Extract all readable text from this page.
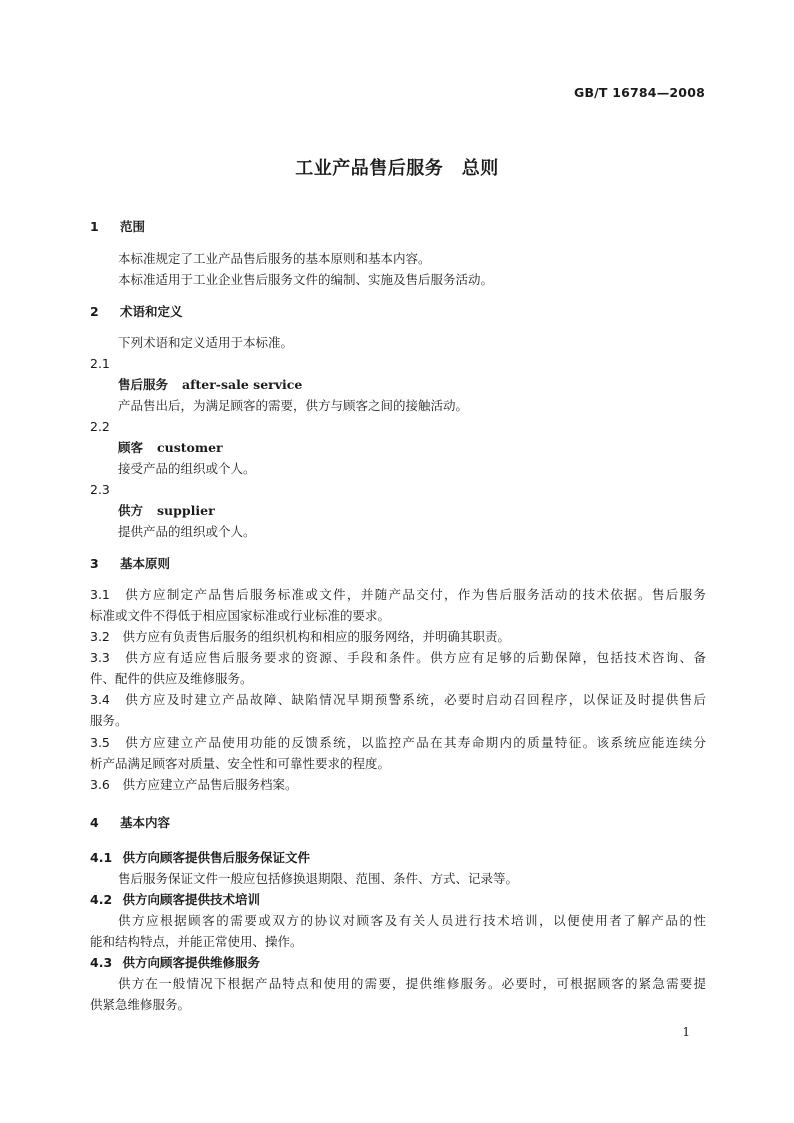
GB/T 16784—2008
工业产品售后服务　总则
1 范围
本标准规定了工业产品售后服务的基本原则和基本内容。
本标准适用于工业企业售后服务文件的编制、实施及售后服务活动。
2 术语和定义
下列术语和定义适用于本标准。
2.1
售后服务 after-sale service
产品售出后，为满足顾客的需要，供方与顾客之间的接触活动。
2.2
顾客 customer
接受产品的组织或个人。
2.3
供方 supplier
提供产品的组织或个人。
3 基本原则
3.1　 供方应制定产品售后服务标准或文件，并随产品交付，作为售后服务活动的技术依据。售后服务
标准或文件不得低于相应国家标准或行业标准的要求。
3.2　 供方应有负责售后服务的组织机构和相应的服务网络，并明确其职责。
3.3　 供方应有适应售后服务要求的资源、手段和条件。供方应有足够的后勤保障，包括技术咨询、备
件、配件的供应及维修服务。
3.4　 供方应及时建立产品故障、缺陷情况早期预警系统，必要时启动召回程序，以保证及时提供售后
服务。
3.5　 供方应建立产品使用功能的反馈系统，以监控产品在其寿命期内的质量特征。该系统应能连续分
析产品满足顾客对质量、安全性和可靠性要求的程度。
3.6　 供方应建立产品售后服务档案。
4 基本内容
4.1　 供方向顾客提供售后服务保证文件
售后服务保证文件一般应包括修换退期限、范围、条件、方式、记录等。
4.2　 供方向顾客提供技术培训
供方应根据顾客的需要或双方的协议对顾客及有关人员进行技术培训，以便使用者了解产品的性
能和结构特点，并能正常使用、操作。
4.3　 供方向顾客提供维修服务
供方在一般情况下根据产品特点和使用的需要，提供维修服务。必要时，可根据顾客的紧急需要提
供紧急维修服务。
1
